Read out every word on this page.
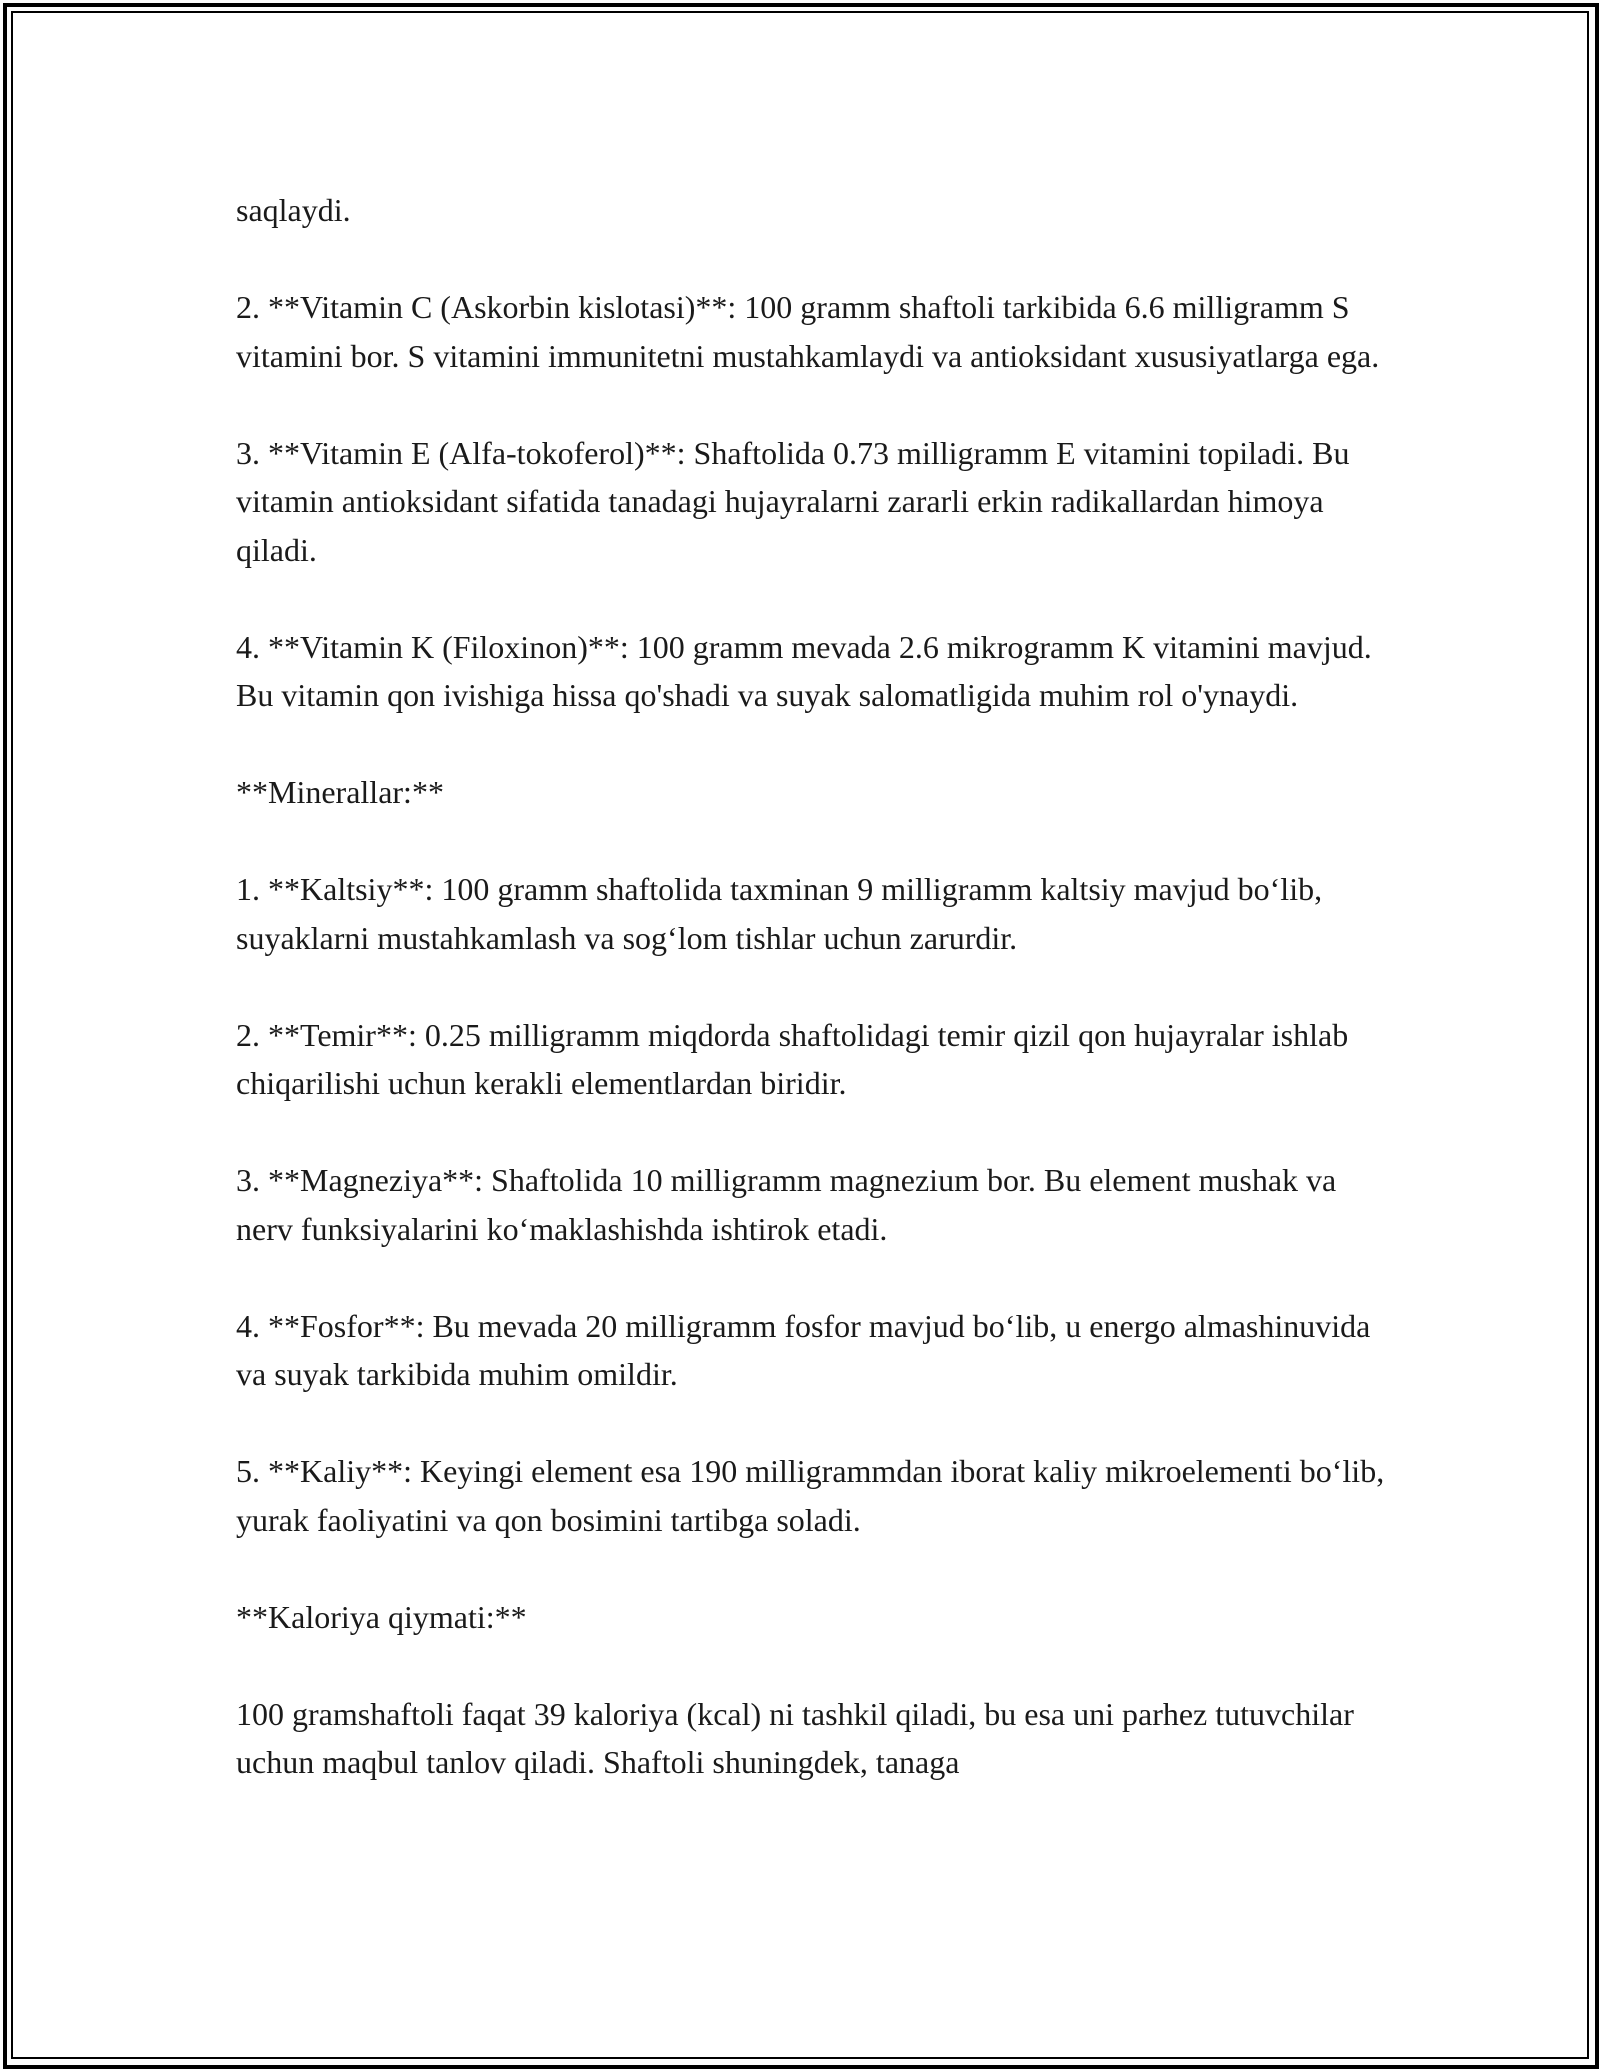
saqlaydi.

2. **Vitamin C (Askorbin kislotasi)**: 100 gramm shaftoli tarkibida 6.6 milligramm S vitamini bor. S vitamini immunitetni mustahkamlaydi va antioksidant xususiyatlarga ega.

3. **Vitamin E (Alfa-tokoferol)**: Shaftolida 0.73 milligramm E vitamini topiladi. Bu vitamin antioksidant sifatida tanadagi hujayralarni zararli erkin radikallardan himoya qiladi.

4. **Vitamin K (Filoxinon)**: 100 gramm mevada 2.6 mikrogramm K vitamini mavjud. Bu vitamin qon ivishiga hissa qo'shadi va suyak salomatligida muhim rol o'ynaydi.

**Minerallar:**

1. **Kaltsiy**: 100 gramm shaftolida taxminan 9 milligramm kaltsiy mavjud bo‘lib, suyaklarni mustahkamlash va sog‘lom tishlar uchun zarurdir.

2. **Temir**: 0.25 milligramm miqdorda shaftolidagi temir qizil qon hujayralar ishlab chiqarilishi uchun kerakli elementlardan biridir.

3. **Magneziya**: Shaftolida 10 milligramm magnezium bor. Bu element mushak va nerv funksiyalarini ko‘maklashishda ishtirok etadi.

4. **Fosfor**: Bu mevada 20 milligramm fosfor mavjud bo‘lib, u energo almashinuvida va suyak tarkibida muhim omildir.

5. **Kaliy**: Keyingi element esa 190 milligrammdan iborat kaliy mikroelementi bo‘lib, yurak faoliyatini va qon bosimini tartibga soladi.

**Kaloriya qiymati:**

100 gramshaftoli faqat 39 kaloriya (kcal) ni tashkil qiladi, bu esa uni parhez tutuvchilar uchun maqbul tanlov qiladi. Shaftoli shuningdek, tanaga
